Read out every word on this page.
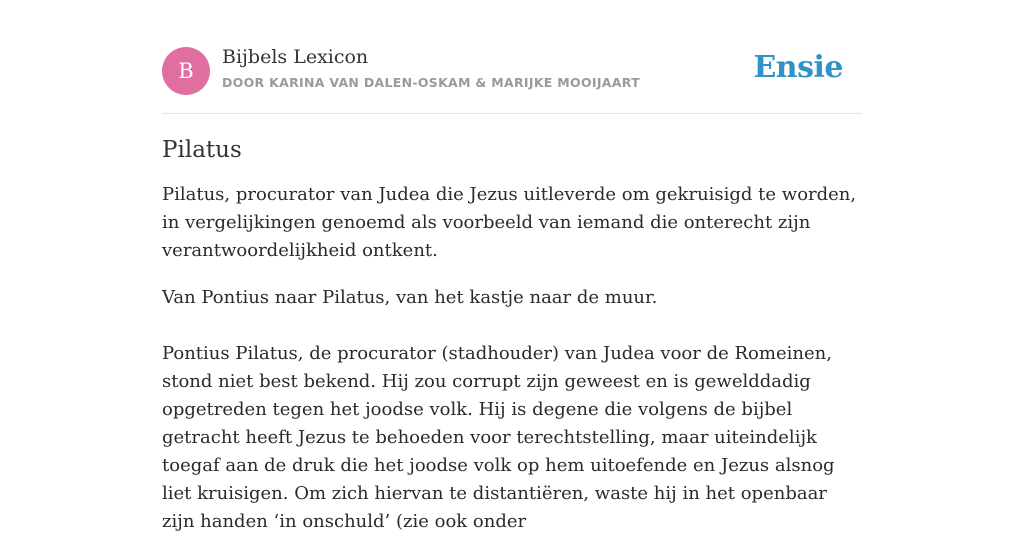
B
Bijbels Lexicon
DOOR KARINA VAN DALEN-OSKAM & MARIJKE MOOIJAART	Ensie
Pilatus

Pilatus, procurator van Judea die Jezus uitleverde om gekruisigd te worden, in vergelijkingen genoemd als voorbeeld van iemand die onterecht zijn verantwoordelijkheid ontkent.

Van Pontius naar Pilatus, van het kastje naar de muur.

Pontius Pilatus, de procurator (stadhouder) van Judea voor de Romeinen, stond niet best bekend. Hij zou corrupt zijn geweest en is gewelddadig opgetreden tegen het joodse volk. Hij is degene die volgens de bijbel getracht heeft Jezus te behoeden voor terechtstelling, maar uiteindelijk toegaf aan de druk die het joodse volk op hem uitoefende en Jezus alsnog liet kruisigen. Om zich hiervan te distantiëren, waste hij in het openbaar zijn handen ‘in onschuld’ (zie ook onder
